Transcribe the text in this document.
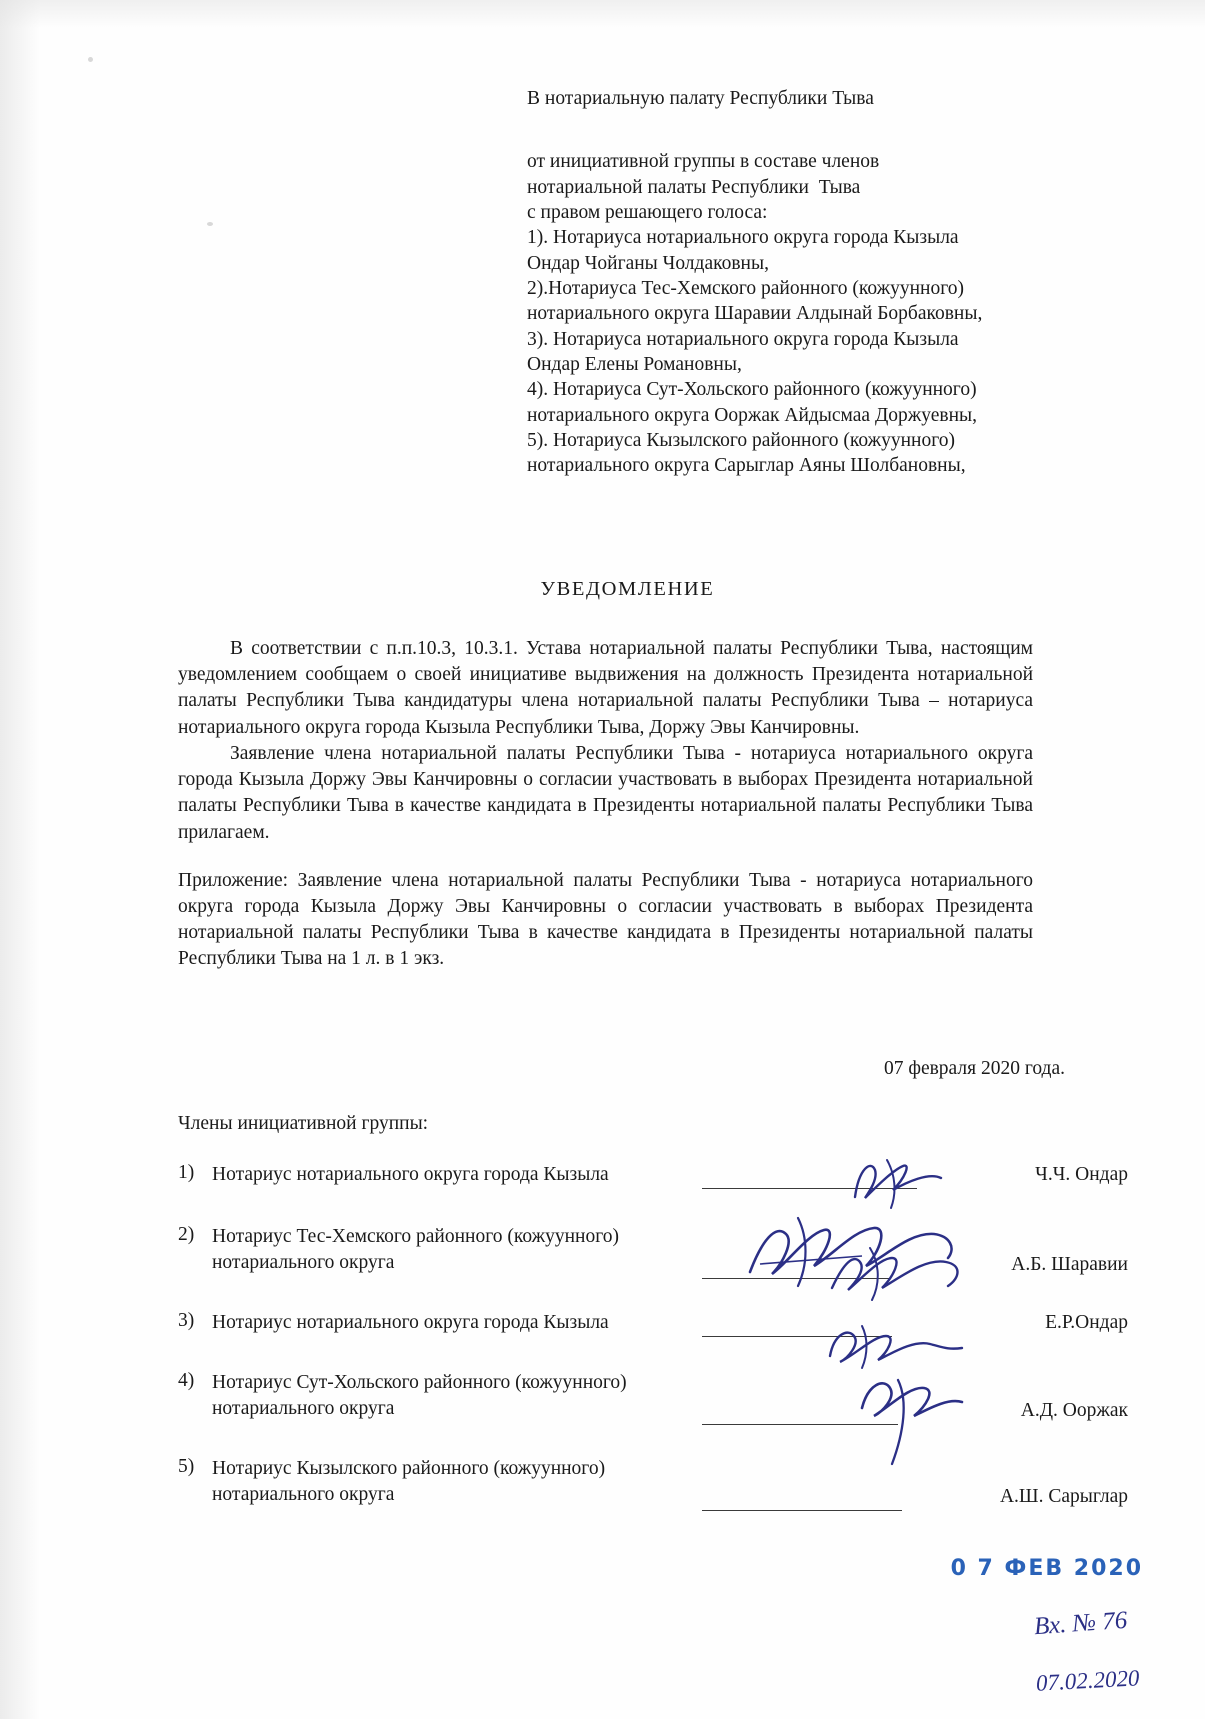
В нотариальную палату Республики Тыва
от инициативной группы в составе членов
нотариальной палаты Республики  Тыва
с правом решающего голоса:
1). Нотариуса нотариального округа города Кызыла
Ондар Чойганы Чолдаковны,
2).Нотариуса Тес-Хемского районного (кожуунного)
нотариального округа Шаравии Алдынай Борбаковны,
3). Нотариуса нотариального округа города Кызыла
Ондар Елены Романовны,
4). Нотариуса Сут-Хольского районного (кожуунного)
нотариального округа Ооржак Айдысмаа Доржуевны,
5). Нотариуса Кызылского районного (кожуунного)
нотариального округа Сарыглар Аяны Шолбановны,
УВЕДОМЛЕНИЕ

В соответствии с п.п.10.3, 10.3.1. Устава нотариальной палаты Республики Тыва, настоящим уведомлением сообщаем о своей инициативе выдвижения на должность Президента нотариальной палаты Республики Тыва кандидатуры члена нотариальной палаты Республики Тыва – нотариуса нотариального округа города Кызыла Республики Тыва, Доржу Эвы Канчировны.

Заявление члена нотариальной палаты Республики Тыва - нотариуса нотариального округа города Кызыла Доржу Эвы Канчировны о согласии участвовать в выборах Президента нотариальной палаты Республики Тыва в качестве кандидата в Президенты нотариальной палаты Республики Тыва прилагаем.

Приложение: Заявление члена нотариальной палаты Республики Тыва - нотариуса нотариального округа города Кызыла Доржу Эвы Канчировны о согласии участвовать в выборах Президента нотариальной палаты Республики Тыва в качестве кандидата в Президенты нотариальной палаты Республики Тыва на 1 л. в 1 экз.

07 февраля 2020 года.
Члены инициативной группы:
1) Нотариус нотариального округа города Кызыла	Ч.Ч. Ондар
2) Нотариус Тес-Хемского районного (кожуунного)
нотариального округа	А.Б. Шаравии
3) Нотариус нотариального округа города Кызыла	Е.Р.Ондар
4) Нотариус Сут-Хольского районного (кожуунного)
нотариального округа	А.Д. Ооржак
5) Нотариус Кызылского районного (кожуунного)
нотариального округа	А.Ш. Сарыглар
0 7 ФЕВ 2020
Вх. № 76
07.02.2020
